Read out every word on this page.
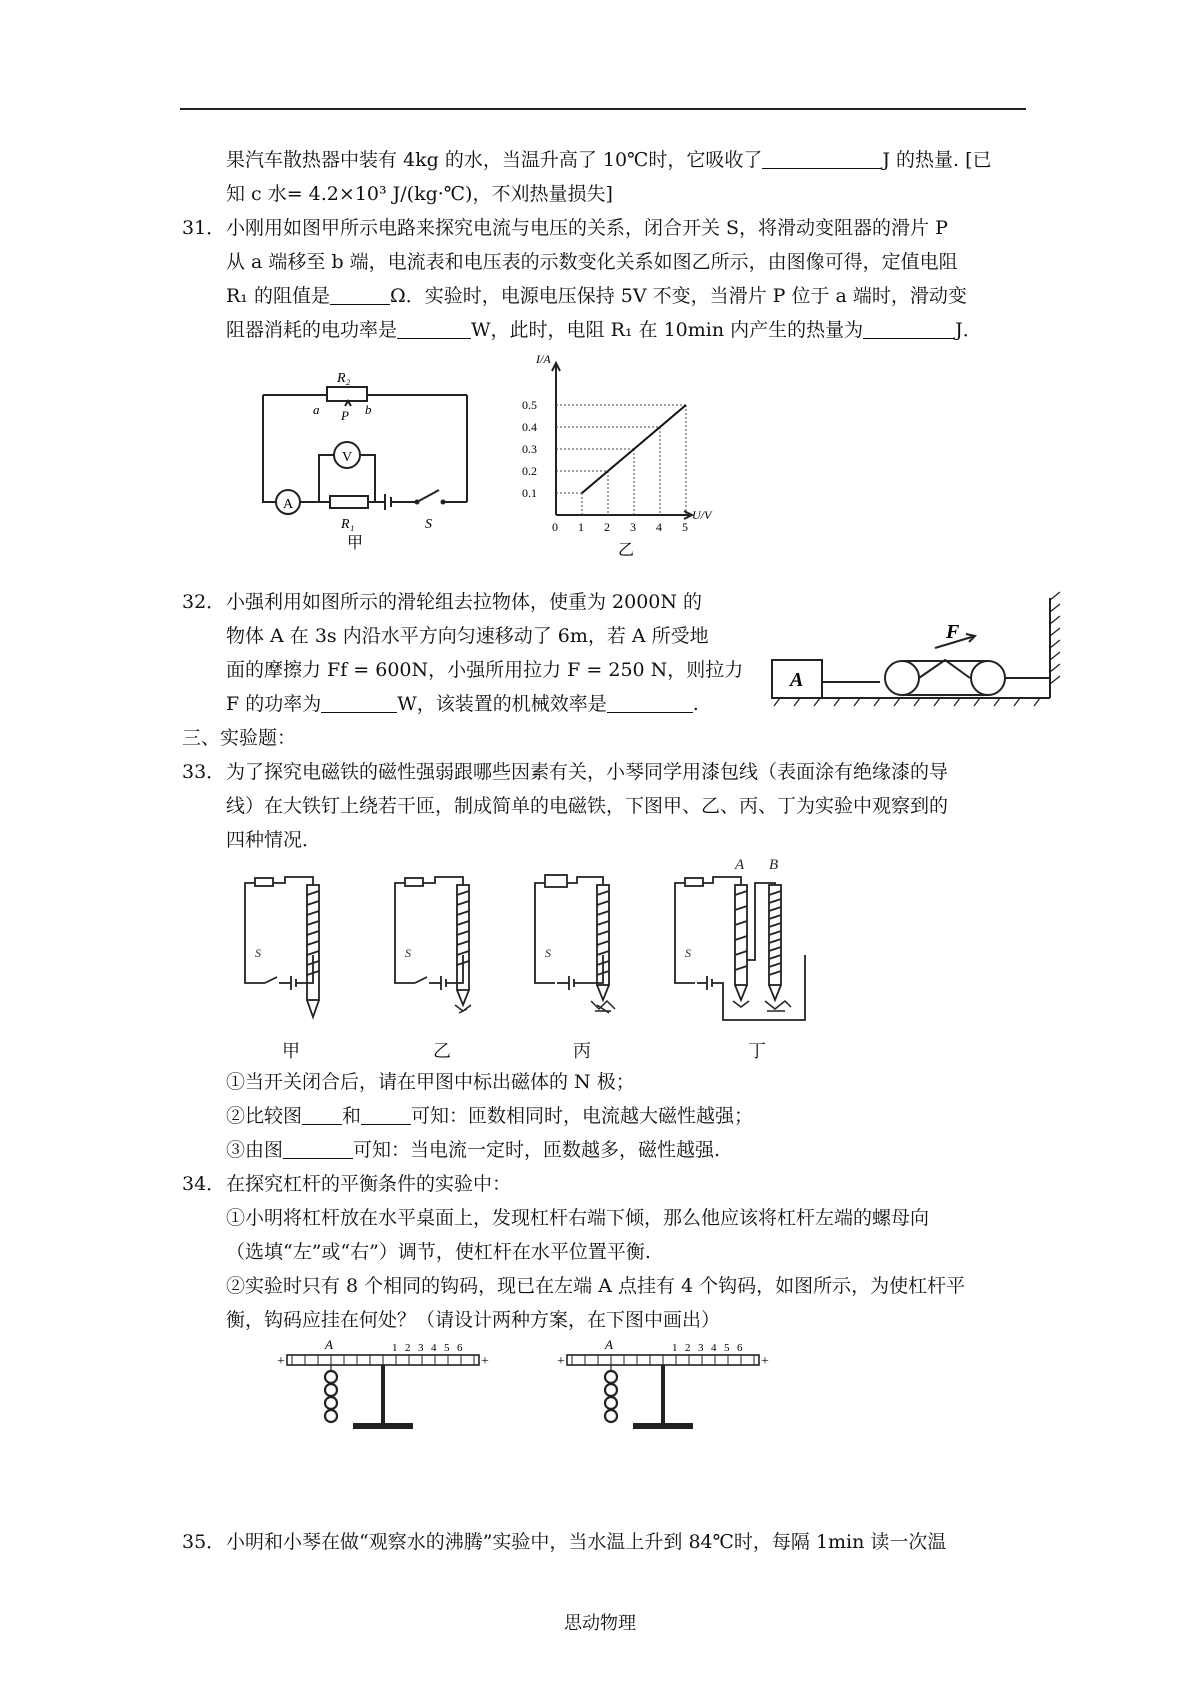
果汽车散热器中装有 4kg 的水，当温升高了 10℃时，它吸收了	J 的热量. [已
知 c 水= 4.2×10³ J/(kg·℃)，不刈热量损失]
31． 小刚用如图甲所示电路来探究电流与电压的关系，闭合开关 S，将滑动变阻器的滑片 P
从 a 端移至 b 端，电流表和电压表的示数变化关系如图乙所示，由图像可得，定值电阻
R₁ 的阻值是	Ω．实验时，电源电压保持 5V 不变，当滑片 P 位于 a 端时，滑动变
阻器消耗的电功率是	W，此时，电阻 R₁ 在 10min 内产生的热量为	J．
R₂
a P b
V
A
R₁	S
甲
0 1 2 3 4 5
0.1
0.2
0.3
0.4
0.5
I/A
U/V
乙
32． 小强利用如图所示的滑轮组去拉物体，使重为 2000N 的
物体 A 在 3s 内沿水平方向匀速移动了 6m，若 A 所受地
面的摩擦力 Ff = 600N，小强所用拉力 F = 250 N，则拉力
F 的功率为	W，该装置的机械效率是	.
A
F
三、实验题：
33． 为了探究电磁铁的磁性强弱跟哪些因素有关，小琴同学用漆包线（表面涂有绝缘漆的导
线）在大铁钉上绕若干匝，制成简单的电磁铁，下图甲、乙、丙、丁为实验中观察到的
四种情况．
S	S	S	S
A B
甲	乙	丙	丁
①当开关闭合后，请在甲图中标出磁体的 N 极；
②比较图 和	可知：匝数相同时，电流越大磁性越强；
③由图	可知：当电流一定时，匝数越多，磁性越强.
34． 在探究杠杆的平衡条件的实验中：
①小明将杠杆放在水平桌面上，发现杠杆右端下倾，那么他应该将杠杆左端的螺母向
（选填“左”或“右”）调节，使杠杆在水平位置平衡.
②实验时只有 8 个相同的钩码，现已在左端 A 点挂有 4 个钩码，如图所示，为使杠杆平
衡，钩码应挂在何处？（请设计两种方案，在下图中画出）
+	+
A	1 2 3 4 5 6
+	+
A	1 2 3 4 5 6
35． 小明和小琴在做“观察水的沸腾”实验中，当水温上升到 84℃时，每隔 1min 读一次温
思动物理
